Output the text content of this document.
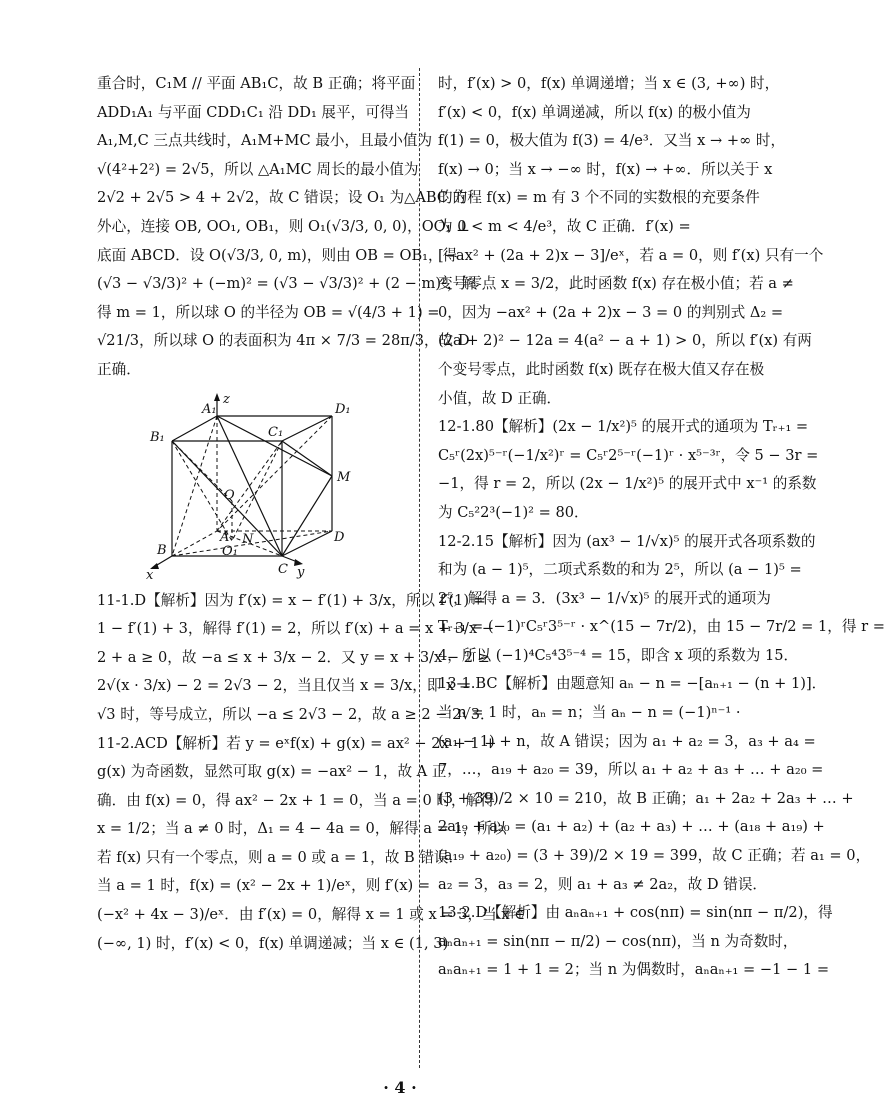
重合时，C₁M // 平面 AB₁C，故 B 正确；将平面
ADD₁A₁ 与平面 CDD₁C₁ 沿 DD₁ 展平，可得当
A₁,M,C 三点共线时，A₁M+MC 最小，且最小值为
√(4²+2²) = 2√5，所以 △A₁MC 周长的最小值为
2√2 + 2√5 > 4 + 2√2，故 C 错误；设 O₁ 为△ABC 的
外心，连接 OB, OO₁, OB₁，则 O₁(√3/3, 0, 0)，OO₁ ⊥
底面 ABCD．设 O(√3/3, 0, m)，则由 OB = OB₁，得
(√3 − √3/3)² + (−m)² = (√3 − √3/3)² + (2 − m)²，解
得 m = 1，所以球 O 的半径为 OB = √(4/3 + 1) =
√21/3，所以球 O 的表面积为 4π × 7/3 = 28π/3，故 D
正确．
A₁	D₁
B₁	C₁
M
O
A N
O₁
D
B
C
x	y
z
11-1.D【解析】因为 f′(x) = x − f′(1) + 3/x，所以 f′(1) =
1 − f′(1) + 3，解得 f′(1) = 2，所以 f′(x) + a = x + 3/x −
2 + a ≥ 0，故 −a ≤ x + 3/x − 2．又 y = x + 3/x − 2 ≥
2√(x · 3/x) − 2 = 2√3 − 2，当且仅当 x = 3/x，即 x =
√3 时，等号成立，所以 −a ≤ 2√3 − 2，故 a ≥ 2 − 2√3．
11-2.ACD【解析】若 y = eˣf(x) + g(x) = ax² − 2x + 1 +
g(x) 为奇函数，显然可取 g(x) = −ax² − 1，故 A 正
确．由 f(x) = 0，得 ax² − 2x + 1 = 0，当 a = 0 时，解得
x = 1/2；当 a ≠ 0 时，Δ₁ = 4 − 4a = 0，解得 a = 1，所以
若 f(x) 只有一个零点，则 a = 0 或 a = 1，故 B 错误．
当 a = 1 时，f(x) = (x² − 2x + 1)/eˣ，则 f′(x) =
(−x² + 4x − 3)/eˣ．由 f′(x) = 0，解得 x = 1 或 x = 3，当 x ∈
(−∞, 1) 时，f′(x) < 0，f(x) 单调递减；当 x ∈ (1, 3)
时，f′(x) > 0，f(x) 单调递增；当 x ∈ (3, +∞) 时，
f′(x) < 0，f(x) 单调递减，所以 f(x) 的极小值为
f(1) = 0，极大值为 f(3) = 4/e³．又当 x → +∞ 时，
f(x) → 0；当 x → −∞ 时，f(x) → +∞．所以关于 x
的方程 f(x) = m 有 3 个不同的实数根的充要条件
为 0 < m < 4/e³，故 C 正确．f′(x) =
[−ax² + (2a + 2)x − 3]/eˣ，若 a = 0，则 f′(x) 只有一个
变号零点 x = 3/2，此时函数 f(x) 存在极小值；若 a ≠
0，因为 −ax² + (2a + 2)x − 3 = 0 的判别式 Δ₂ =
(2a + 2)² − 12a = 4(a² − a + 1) > 0，所以 f′(x) 有两
个变号零点，此时函数 f(x) 既存在极大值又存在极
小值，故 D 正确．
12-1.80【解析】(2x − 1/x²)⁵ 的展开式的通项为 Tᵣ₊₁ =
C₅ʳ(2x)⁵⁻ʳ(−1/x²)ʳ = C₅ʳ2⁵⁻ʳ(−1)ʳ · x⁵⁻³ʳ，令 5 − 3r =
−1，得 r = 2，所以 (2x − 1/x²)⁵ 的展开式中 x⁻¹ 的系数
为 C₅²2³(−1)² = 80．
12-2.15【解析】因为 (ax³ − 1/√x)⁵ 的展开式各项系数的
和为 (a − 1)⁵，二项式系数的和为 2⁵，所以 (a − 1)⁵ =
2⁵，解得 a = 3．(3x³ − 1/√x)⁵ 的展开式的通项为
Tᵣ₊₁ = (−1)ʳC₅ʳ3⁵⁻ʳ · x^(15 − 7r/2)，由 15 − 7r/2 = 1，得 r =
4，所以 (−1)⁴C₅⁴3⁵⁻⁴ = 15，即含 x 项的系数为 15．
13-1.BC【解析】由题意知 aₙ − n = −[aₙ₊₁ − (n + 1)]．
当 n = 1 时，aₙ = n；当 aₙ − n = (−1)ⁿ⁻¹ ·
(a₁ − 1) + n，故 A 错误；因为 a₁ + a₂ = 3，a₃ + a₄ =
7，…，a₁₉ + a₂₀ = 39，所以 a₁ + a₂ + a₃ + … + a₂₀ =
(3 + 39)/2 × 10 = 210，故 B 正确；a₁ + 2a₂ + 2a₃ + … +
2a₁₉ + a₂₀ = (a₁ + a₂) + (a₂ + a₃) + … + (a₁₈ + a₁₉) +
(a₁₉ + a₂₀) = (3 + 39)/2 × 19 = 399，故 C 正确；若 a₁ = 0，
a₂ = 3，a₃ = 2，则 a₁ + a₃ ≠ 2a₂，故 D 错误．
13-2.D【解析】由 aₙaₙ₊₁ + cos(nπ) = sin(nπ − π/2)，得
aₙaₙ₊₁ = sin(nπ − π/2) − cos(nπ)，当 n 为奇数时，
aₙaₙ₊₁ = 1 + 1 = 2；当 n 为偶数时，aₙaₙ₊₁ = −1 − 1 =
· 4 ·
